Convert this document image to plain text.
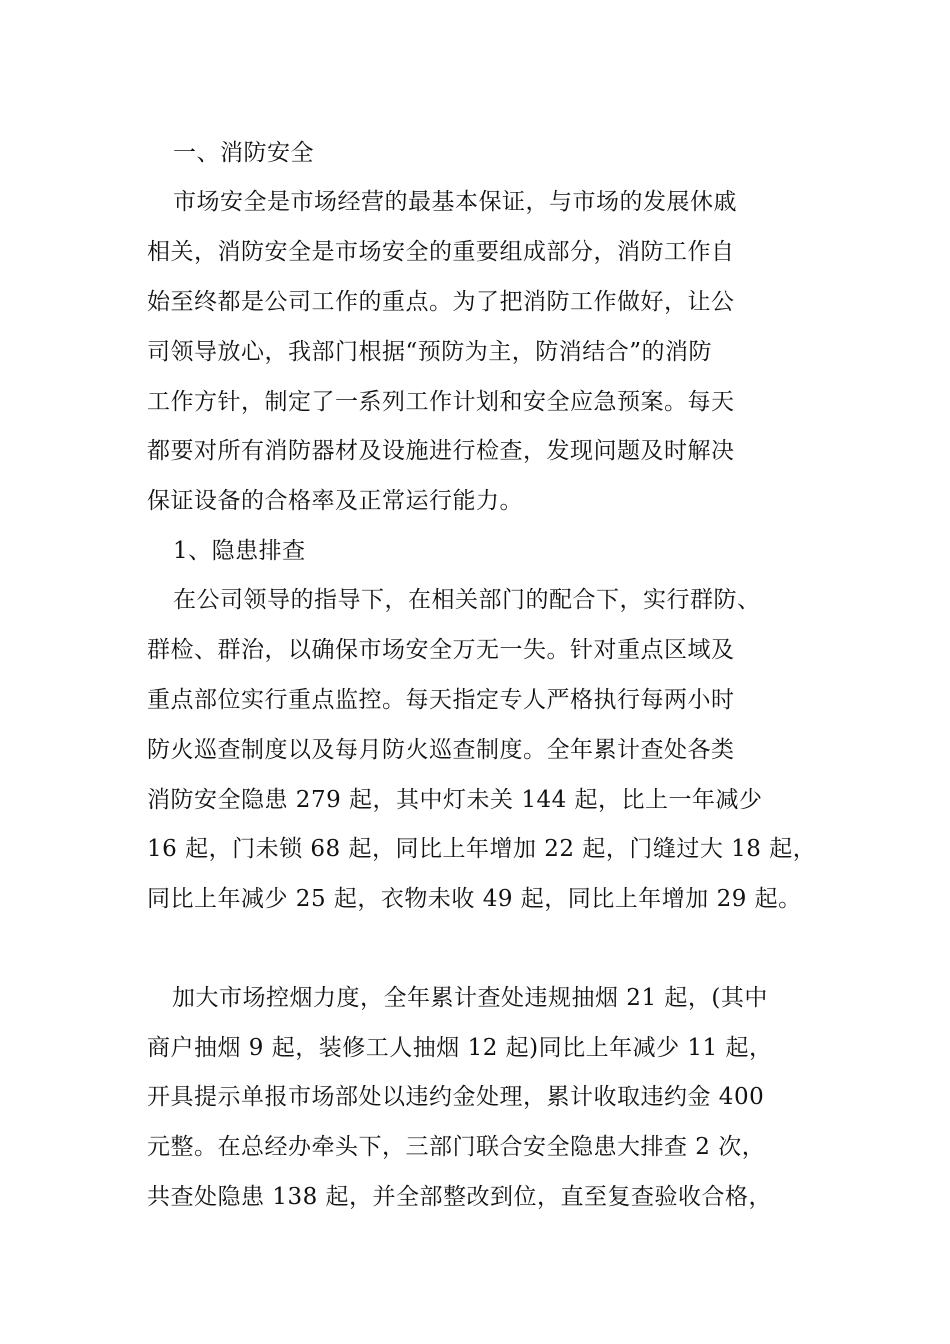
一、消防安全
市场安全是市场经营的最基本保证，与市场的发展休戚
相关，消防安全是市场安全的重要组成部分，消防工作自
始至终都是公司工作的重点。为了把消防工作做好，让公
司领导放心，我部门根据“预防为主，防消结合”的消防
工作方针，制定了一系列工作计划和安全应急预案。每天
都要对所有消防器材及设施进行检查，发现问题及时解决
保证设备的合格率及正常运行能力。
1、隐患排查
在公司领导的指导下，在相关部门的配合下，实行群防、
群检、群治，以确保市场安全万无一失。针对重点区域及
重点部位实行重点监控。每天指定专人严格执行每两小时
防火巡查制度以及每月防火巡查制度。全年累计查处各类
消防安全隐患 279 起，其中灯未关 144 起，比上一年减少
16 起，门未锁 68 起，同比上年增加 22 起，门缝过大 18 起，
同比上年减少 25 起，衣物未收 49 起，同比上年增加 29 起。
加大市场控烟力度，全年累计查处违规抽烟 21 起，(其中
商户抽烟 9 起，装修工人抽烟 12 起)同比上年减少 11 起，
开具提示单报市场部处以违约金处理，累计收取违约金 400
元整。在总经办牵头下，三部门联合安全隐患大排查 2 次，
共查处隐患 138 起，并全部整改到位，直至复查验收合格，
